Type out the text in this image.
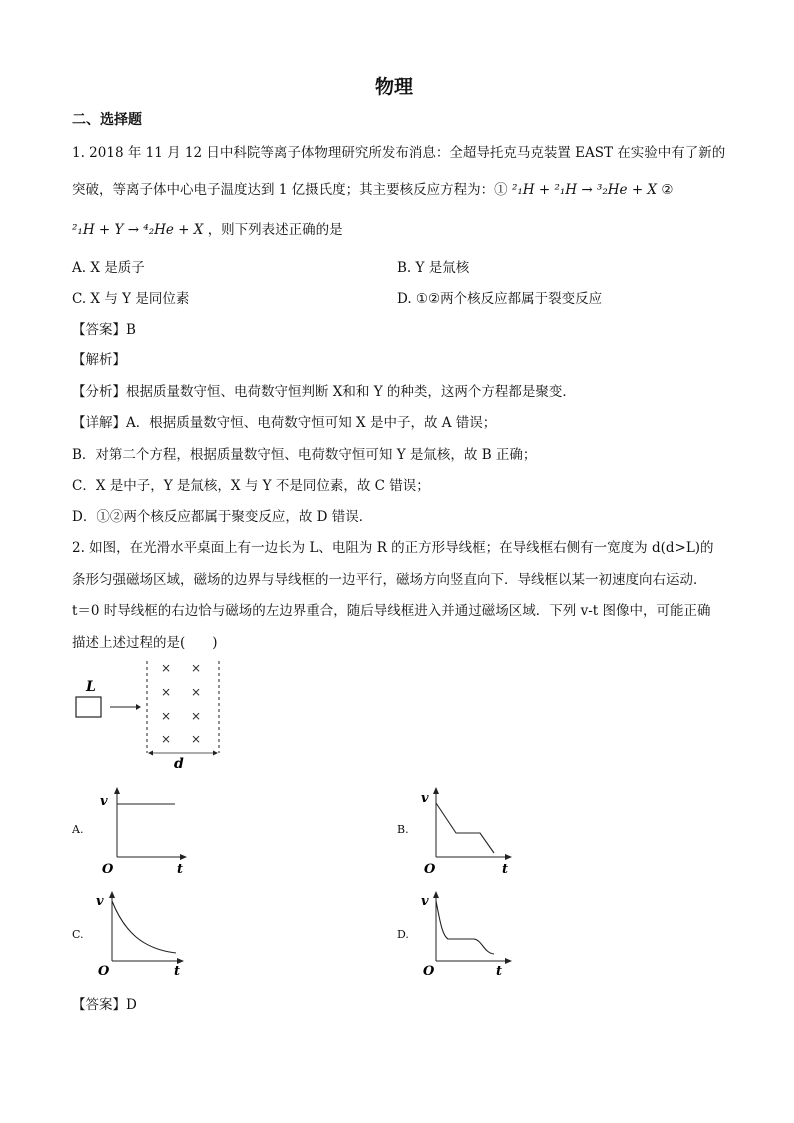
物理
二、选择题
1. 2018 年 11 月 12 日中科院等离子体物理研究所发布消息：全超导托克马克装置 EAST 在实验中有了新的
突破，等离子体中心电子温度达到 1 亿摄氏度；其主要核反应方程为：① ²₁H + ²₁H → ³₂He + X ②
²₁H + Y → ⁴₂He + X ，则下列表述正确的是
A. X 是质子	B. Y 是氚核
C. X 与 Y 是同位素	D. ①②两个核反应都属于裂变反应
【答案】B
【解析】
【分析】根据质量数守恒、电荷数守恒判断 X和和 Y 的种类，这两个方程都是聚变．
【详解】A．根据质量数守恒、电荷数守恒可知 X 是中子，故 A 错误；
B．对第二个方程，根据质量数守恒、电荷数守恒可知 Y 是氚核，故 B 正确；
C．X 是中子，Y 是氚核，X 与 Y 不是同位素，故 C 错误；
D．①②两个核反应都属于聚变反应，故 D 错误．
2. 如图，在光滑水平桌面上有一边长为 L、电阻为 R 的正方形导线框；在导线框右侧有一宽度为 d(d>L)的
条形匀强磁场区域，磁场的边界与导线框的一边平行，磁场方向竖直向下．导线框以某一初速度向右运动．
t＝0 时导线框的右边恰与磁场的左边界重合，随后导线框进入并通过磁场区域．下列 v-t 图像中，可能正确
描述上述过程的是(　　)
L
× ×
× ×
× ×
× ×
d
A.
v
O	t
B.
v
O	t
C.
v
O	t
D.
v
O	t
【答案】D
